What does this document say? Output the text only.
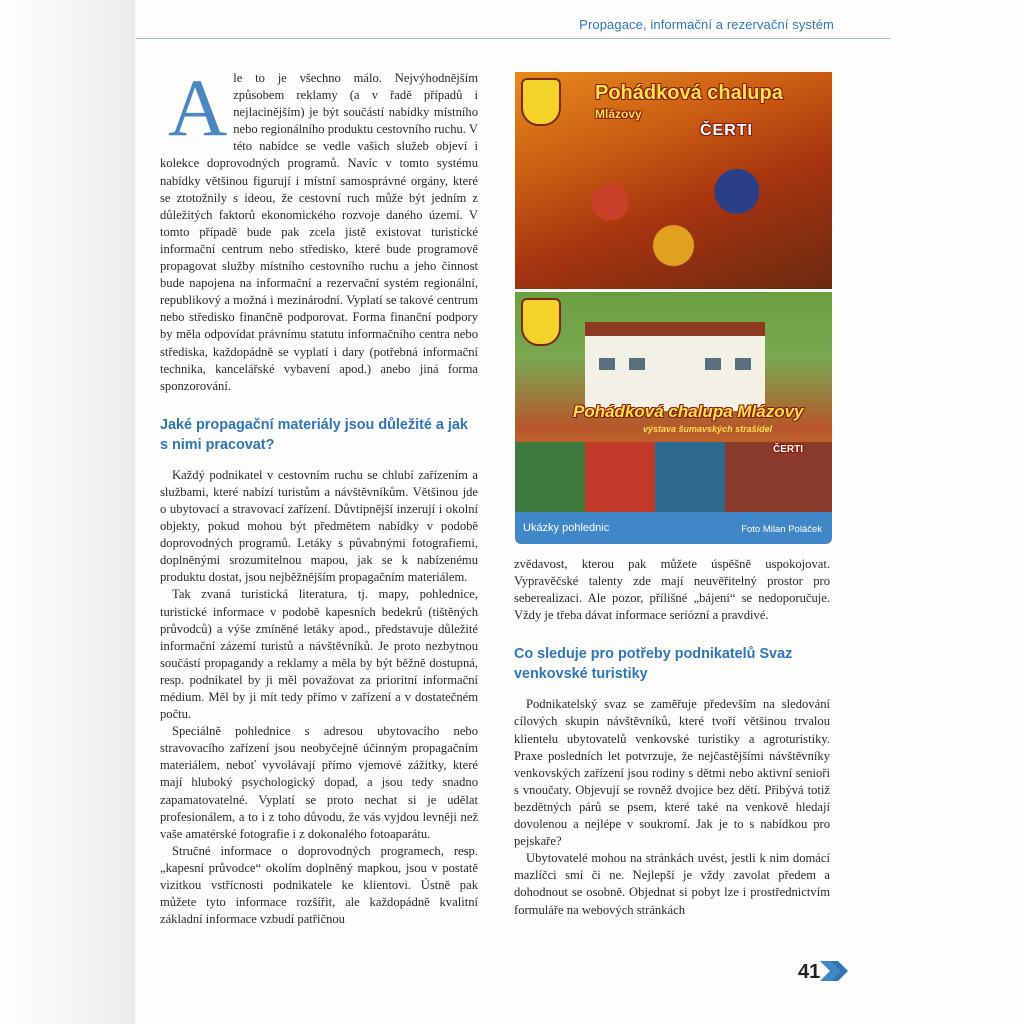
Propagace, informační a rezervační systém

Ale to je všechno málo. Nejvýhodnějším způsobem reklamy (a v řadě případů i nejlacinějším) je být součástí nabídky místního nebo regionálního produktu cestovního ruchu. V této nabídce se vedle vašich služeb objeví i kolekce doprovodných programů. Navíc v tomto systému nabídky většinou figurují i místní samosprávné orgány, které se ztotožnily s ideou, že cestovní ruch může být jedním z důležitých faktorů ekonomického rozvoje daného území. V tomto případě bude pak zcela jistě existovat turistické informační centrum nebo středisko, které bude programově propagovat služby místního cestovního ruchu a jeho činnost bude napojena na informační a rezervační systém regionální, republikový a možná i mezinárodní. Vyplatí se takové centrum nebo středisko finančně podporovat. Forma finanční podpory by měla odpovídat právnímu statutu informačního centra nebo střediska, každopádně se vyplatí i dary (potřebná informační technika, kancelářské vybavení apod.) anebo jiná forma sponzorování.

Jaké propagační materiály jsou důležité a jak s nimi pracovat?

Každý podnikatel v cestovním ruchu se chlubí zařízením a službami, které nabízí turistům a návštěvníkům. Většinou jde o ubytovací a stravovací zařízení. Důvtipnější inzerují i okolní objekty, pokud mohou být předmětem nabídky v podobě doprovodných programů. Letáky s půvabnými fotografiemi, doplněnými srozumitelnou mapou, jak se k nabízenému produktu dostat, jsou nejběžnějším propagačním materiálem.

Tak zvaná turistická literatura, tj. mapy, pohlednice, turistické informace v podobě kapesních bedekrů (tištěných průvodců) a výše zmíněné letáky apod., představuje důležité informační zázemí turistů a návštěvníků. Je proto nezbytnou součástí propagandy a reklamy a měla by být běžně dostupná, resp. podnikatel by ji měl považovat za prioritní informační médium. Měl by ji mít tedy přímo v zařízení a v dostatečném počtu.

Speciálně pohlednice s adresou ubytovacího nebo stravovacího zařízení jsou neobyčejně účinným propagačním materiálem, neboť vyvolávají přímo vjemové zážitky, které mají hluboký psychologický dopad, a jsou tedy snadno zapamatovatelné. Vyplatí se proto nechat si je udělat profesionálem, a to i z toho důvodu, že vás vyjdou levněji než vaše amatérské fotografie i z dokonalého fotoaparátu.

Stručné informace o doprovodných programech, resp. „kapesní průvodce“ okolím doplněný mapkou, jsou v postatě vizitkou vstřícnosti podnikatele ke klientovi. Ústně pak můžete tyto informace rozšířit, ale každopádně kvalitní základní informace vzbudí patřičnou

Pohádková chalupa
Mlázovy
ČERTI
Pohádková chalupa Mlázovy
výstava šumavských strašidel
ČERTI
Ukázky pohlednic	Foto Milan Poláček

zvědavost, kterou pak můžete úspěšně uspokojovat. Vypravěčské talenty zde mají neuvěřitelný prostor pro seberealizaci. Ale pozor, přílišné „bájení“ se nedoporučuje. Vždy je třeba dávat informace seriózní a pravdivé.

Co sleduje pro potřeby podnikatelů Svaz venkovské turistiky

Podnikatelský svaz se zaměřuje především na sledování cílových skupin návštěvníků, které tvoří většinou trvalou klientelu ubytovatelů venkovské turistiky a agroturistiky. Praxe posledních let potvrzuje, že nejčastějšími návštěvníky venkovských zařízení jsou rodiny s dětmi nebo aktivní senioři s vnoučaty. Objevují se rovněž dvojice bez dětí. Přibývá totiž bezdětných párů se psem, které také na venkově hledají dovolenou a nejlépe v soukromí. Jak je to s nabídkou pro pejskaře?

Ubytovatelé mohou na stránkách uvést, jestli k nim domácí mazlíčci smí či ne. Nejlepší je vždy zavolat předem a dohodnout se osobně. Objednat si pobyt lze i prostřednictvím formuláře na webových stránkách

41
